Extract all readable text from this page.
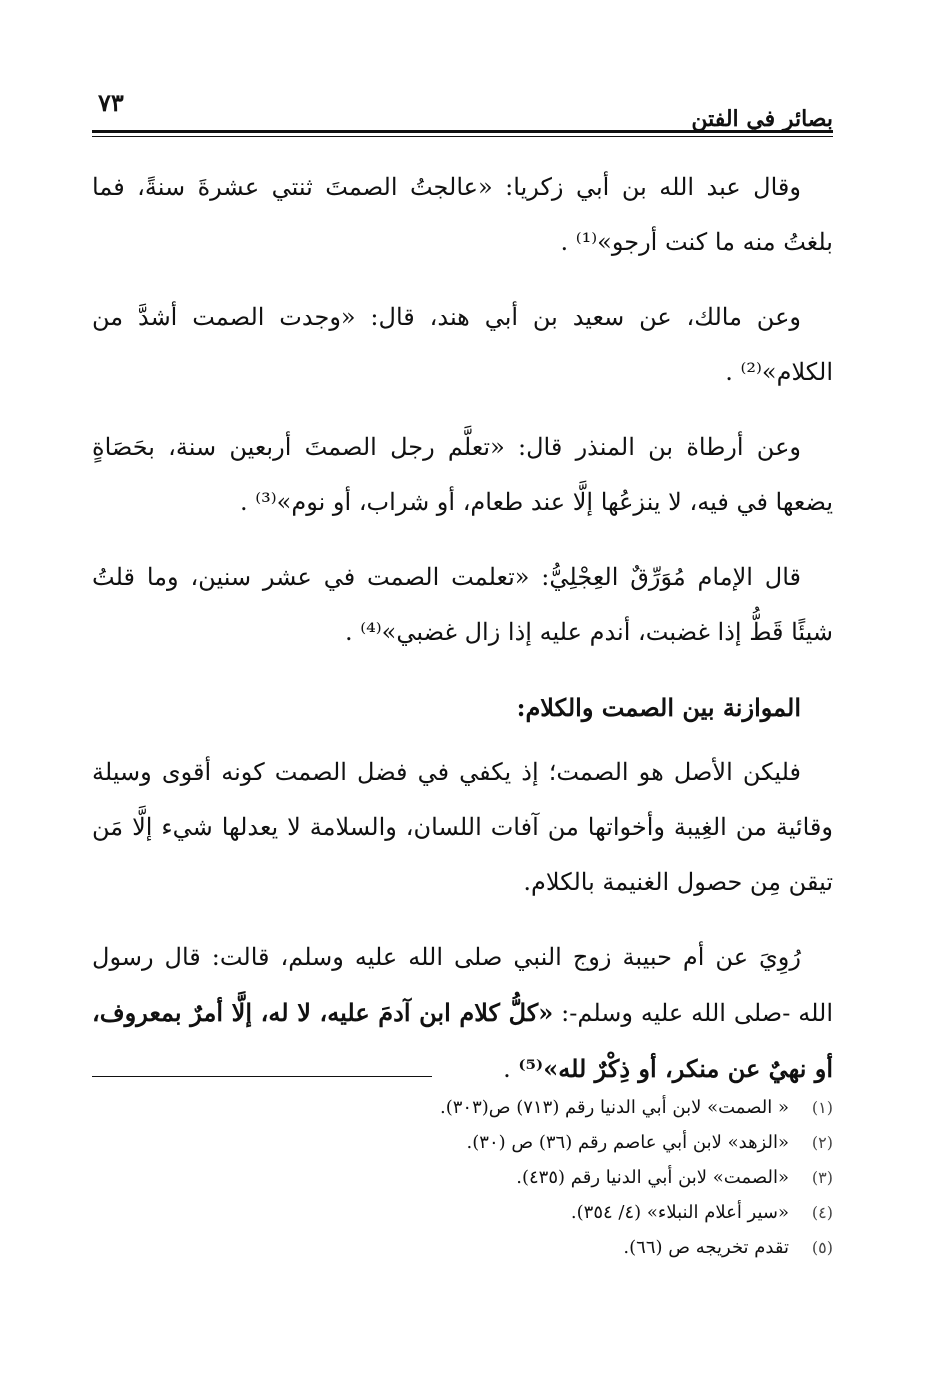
بصائر في الفتن
٧٣

وقال عبد الله بن أبي زكريا: «عالجتُ الصمتَ ثنتي عشرةَ سنةً، فما بلغتُ منه ما كنت أرجو»⁽¹⁾ .

وعن مالك، عن سعيد بن أبي هند، قال: «وجدت الصمت أشدَّ من الكلام»⁽²⁾ .

وعن أرطاة بن المنذر قال: «تعلَّم رجل الصمتَ أربعين سنة، بحَصَاةٍ يضعها في فيه، لا ينزعُها إلَّا عند طعام، أو شراب، أو نوم»⁽³⁾ .

قال الإمام مُوَرِّقٌ العِجْلِيُّ: «تعلمت الصمت في عشر سنين، وما قلتُ شيئًا قَطُّ إذا غضبت، أندم عليه إذا زال غضبي»⁽⁴⁾ .

الموازنة بين الصمت والكلام:

فليكن الأصل هو الصمت؛ إذ يكفي في فضل الصمت كونه أقوى وسيلة وقائية من الغِيبة وأخواتها من آفات اللسان، والسلامة لا يعدلها شيء إلَّا مَن تيقن مِن حصول الغنيمة بالكلام.

رُوِيَ عن أم حبيبة زوج النبي صلى الله عليه وسلم، قالت: قال رسول الله -صلى الله عليه وسلم-: «كلُّ كلام ابن آدمَ عليه، لا له، إلَّا أمرٌ بمعروف، أو نهيٌ عن منكر، أو ذِكْرٌ لله»⁽⁵⁾ .

(١)
« الصمت» لابن أبي الدنيا رقم (٧١٣) ص(٣٠٣).
(٢)
«الزهد» لابن أبي عاصم رقم (٣٦) ص (٣٠).
(٣)
«الصمت» لابن أبي الدنيا رقم (٤٣٥).
(٤)
«سير أعلام النبلاء» (٤/ ٣٥٤).
(٥)
تقدم تخريجه ص (٦٦).
